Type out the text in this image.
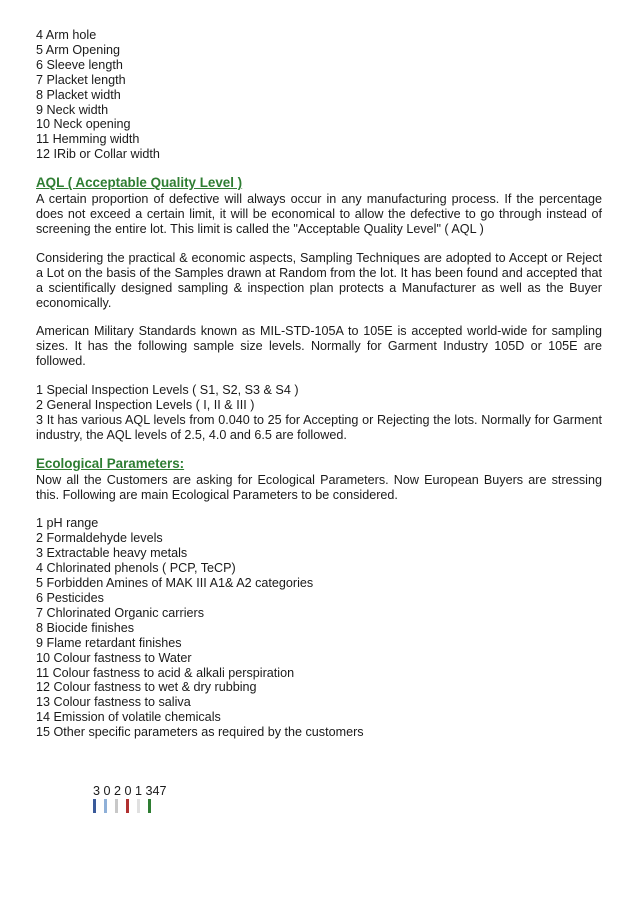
4 Arm hole
5 Arm Opening
6 Sleeve length
7 Placket length
8 Placket width
9 Neck width
10 Neck opening
11 Hemming width
12 IRib or Collar width
AQL ( Acceptable Quality Level )

A certain proportion of defective will always occur in any manufacturing process. If the percentage does not exceed a certain limit, it will be economical to allow the defective to go through instead of screening the entire lot. This limit is called the "Acceptable Quality Level" ( AQL )

Considering the practical & economic aspects, Sampling Techniques are adopted to Accept or Reject a Lot on the basis of the Samples drawn at Random from the lot. It has been found and accepted that a scientifically designed sampling & inspection plan protects a Manufacturer as well as the Buyer economically.

American Military Standards known as MIL-STD-105A to 105E is accepted world-wide for sampling sizes. It has the following sample size levels. Normally for Garment Industry 105D or 105E are followed.

1 Special Inspection Levels ( S1, S2, S3 & S4 )
2 General Inspection Levels ( I, II & III )

3 It has various AQL levels from 0.040 to 25 for Accepting or Rejecting the lots. Normally for Garment industry, the AQL levels of 2.5, 4.0 and 6.5 are followed.

Ecological Parameters:

Now all the Customers are asking for Ecological Parameters. Now European Buyers are stressing this. Following are main Ecological Parameters to be considered.

1 pH range
2 Formaldehyde levels
3 Extractable heavy metals
4 Chlorinated phenols ( PCP, TeCP)
5 Forbidden Amines of MAK III A1& A2 categories
6 Pesticides
7 Chlorinated Organic carriers
8 Biocide finishes
9 Flame retardant finishes
10 Colour fastness to Water
11 Colour fastness to acid & alkali perspiration
12 Colour fastness to wet & dry rubbing
13 Colour fastness to saliva
14 Emission of volatile chemicals
15 Other specific parameters as required by the customers
3 0 2 0 1 347
